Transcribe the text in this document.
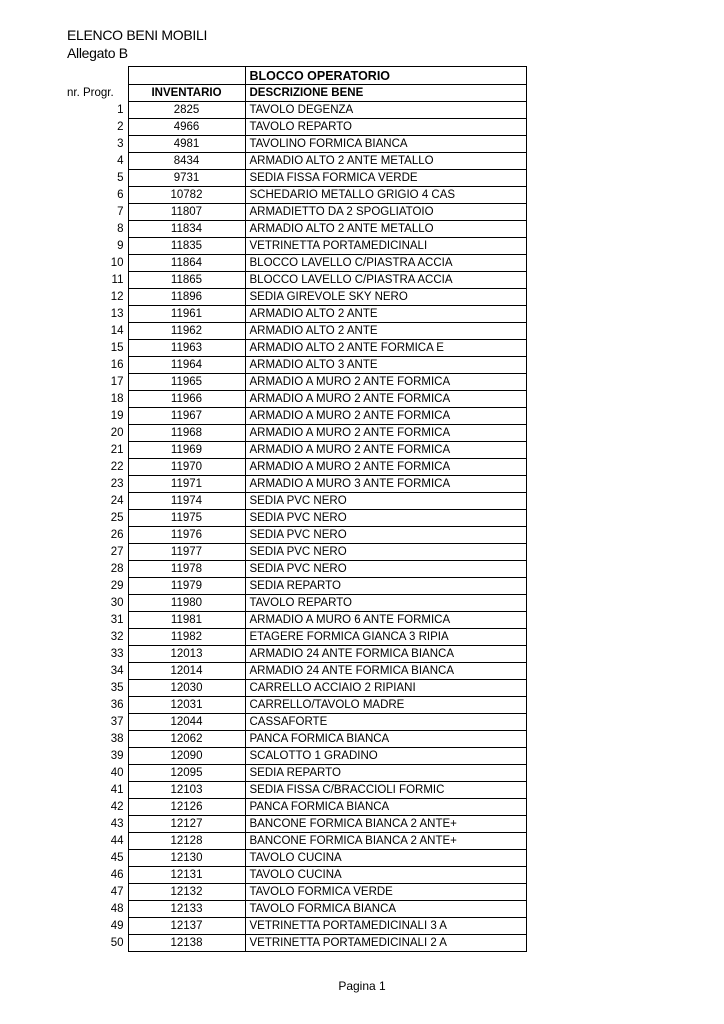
ELENCO BENI MOBILI
Allegato B
		BLOCCO OPERATORIO
nr. Progr.	INVENTARIO	DESCRIZIONE BENE
1	2825	TAVOLO DEGENZA
2	4966	TAVOLO REPARTO
3	4981	TAVOLINO FORMICA BIANCA
4	8434	ARMADIO ALTO 2 ANTE METALLO
5	9731	SEDIA FISSA FORMICA VERDE
6	10782	SCHEDARIO METALLO GRIGIO 4 CAS
7	11807	ARMADIETTO DA 2 SPOGLIATOIO
8	11834	ARMADIO ALTO 2 ANTE METALLO
9	11835	VETRINETTA PORTAMEDICINALI
10	11864	BLOCCO LAVELLO C/PIASTRA ACCIA
11	11865	BLOCCO LAVELLO C/PIASTRA ACCIA
12	11896	SEDIA GIREVOLE SKY NERO
13	11961	ARMADIO ALTO 2 ANTE
14	11962	ARMADIO ALTO 2 ANTE
15	11963	ARMADIO ALTO 2 ANTE FORMICA E
16	11964	ARMADIO ALTO 3 ANTE
17	11965	ARMADIO A MURO 2 ANTE FORMICA
18	11966	ARMADIO A MURO 2 ANTE FORMICA
19	11967	ARMADIO A MURO 2 ANTE FORMICA
20	11968	ARMADIO A MURO 2 ANTE FORMICA
21	11969	ARMADIO A MURO 2 ANTE FORMICA
22	11970	ARMADIO A MURO 2 ANTE FORMICA
23	11971	ARMADIO A MURO 3 ANTE FORMICA
24	11974	SEDIA PVC NERO
25	11975	SEDIA PVC NERO
26	11976	SEDIA PVC NERO
27	11977	SEDIA PVC NERO
28	11978	SEDIA PVC NERO
29	11979	SEDIA REPARTO
30	11980	TAVOLO REPARTO
31	11981	ARMADIO A MURO 6 ANTE FORMICA
32	11982	ETAGERE FORMICA GIANCA 3 RIPIA
33	12013	ARMADIO 24 ANTE FORMICA BIANCA
34	12014	ARMADIO 24 ANTE FORMICA BIANCA
35	12030	CARRELLO ACCIAIO 2 RIPIANI
36	12031	CARRELLO/TAVOLO MADRE
37	12044	CASSAFORTE
38	12062	PANCA FORMICA BIANCA
39	12090	SCALOTTO 1 GRADINO
40	12095	SEDIA REPARTO
41	12103	SEDIA FISSA C/BRACCIOLI FORMIC
42	12126	PANCA FORMICA BIANCA
43	12127	BANCONE FORMICA BIANCA 2 ANTE+
44	12128	BANCONE FORMICA BIANCA 2 ANTE+
45	12130	TAVOLO CUCINA
46	12131	TAVOLO CUCINA
47	12132	TAVOLO FORMICA VERDE
48	12133	TAVOLO FORMICA BIANCA
49	12137	VETRINETTA PORTAMEDICINALI 3 A
50	12138	VETRINETTA PORTAMEDICINALI 2 A
Pagina 1
